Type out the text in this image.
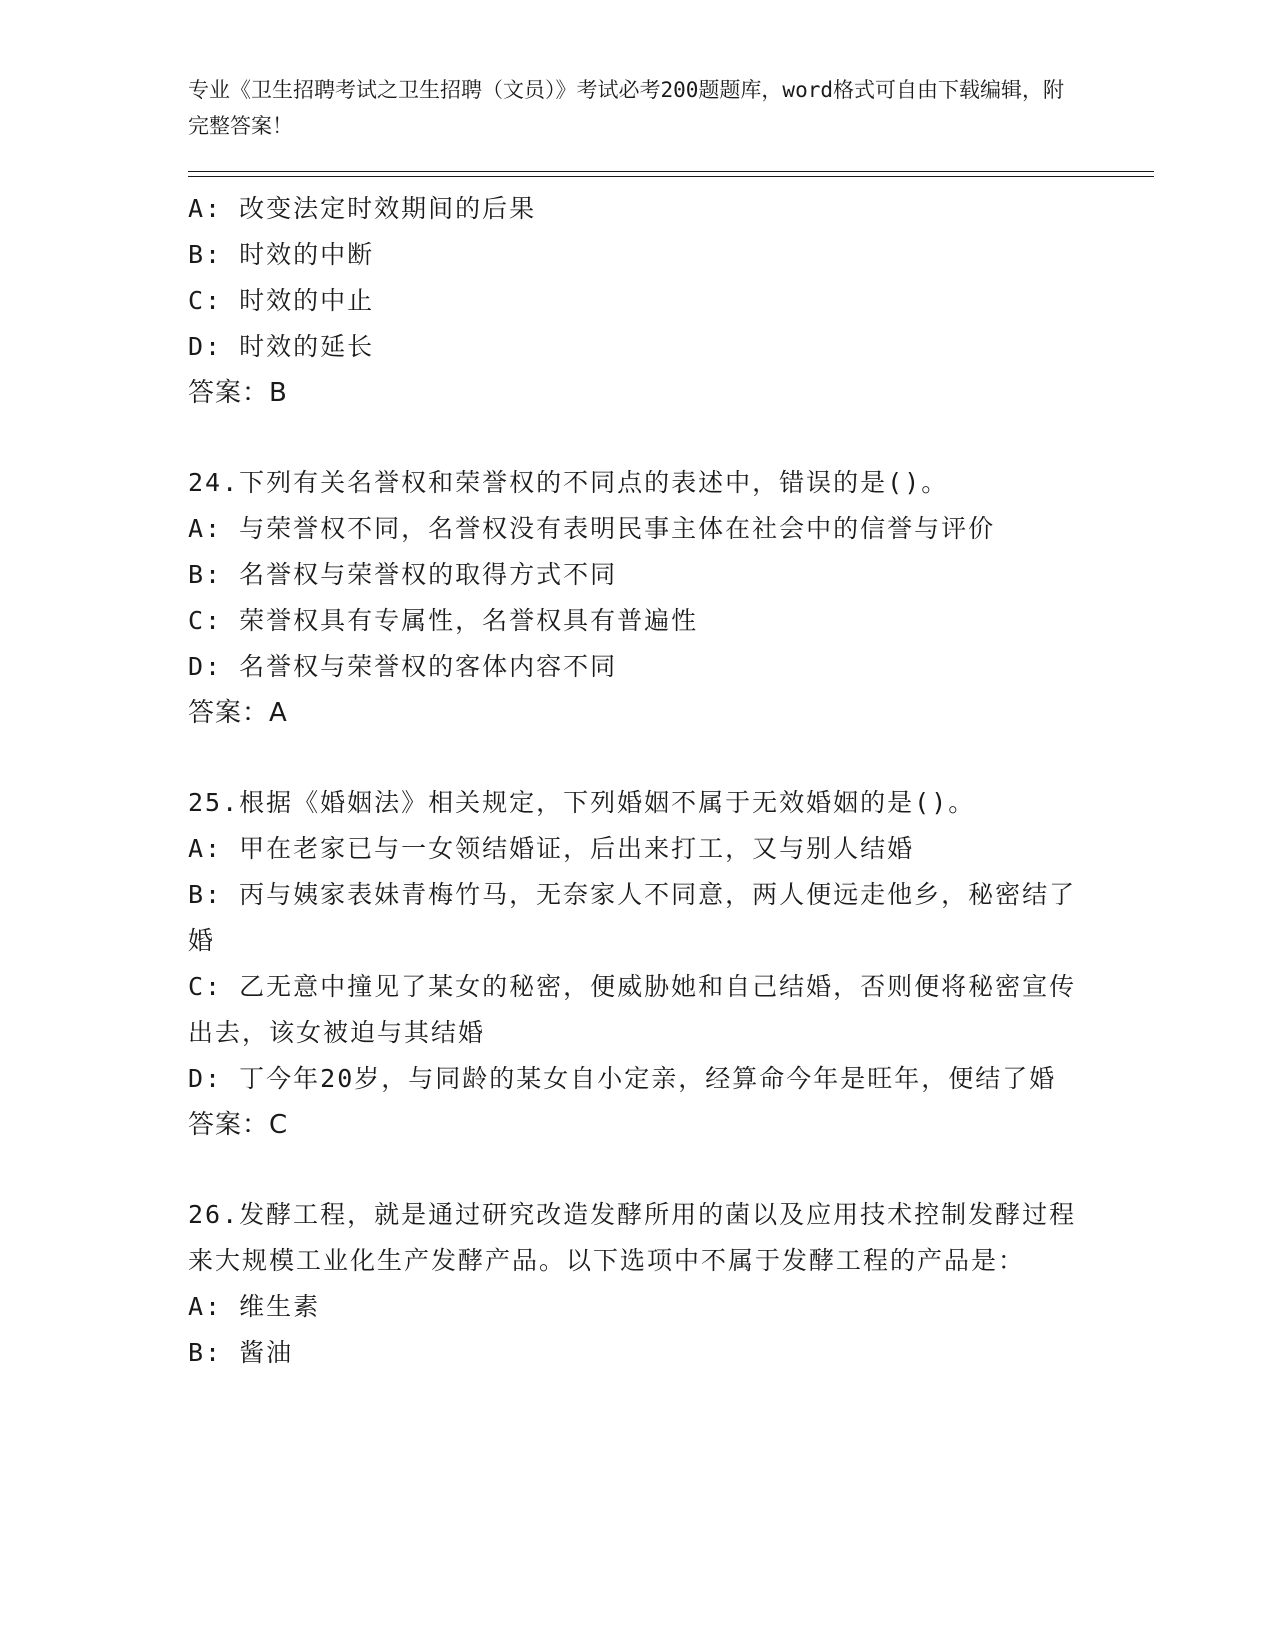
专业《卫生招聘考试之卫生招聘（文员）》考试必考200题题库，word格式可自由下载编辑，附完整答案！

A: 改变法定时效期间的后果

B: 时效的中断

C: 时效的中止

D: 时效的延长

答案：B

24.下列有关名誉权和荣誉权的不同点的表述中，错误的是()。

A: 与荣誉权不同，名誉权没有表明民事主体在社会中的信誉与评价

B: 名誉权与荣誉权的取得方式不同

C: 荣誉权具有专属性，名誉权具有普遍性

D: 名誉权与荣誉权的客体内容不同

答案：A

25.根据《婚姻法》相关规定，下列婚姻不属于无效婚姻的是()。

A: 甲在老家已与一女领结婚证，后出来打工，又与别人结婚

B: 丙与姨家表妹青梅竹马，无奈家人不同意，两人便远走他乡，秘密结了婚

C: 乙无意中撞见了某女的秘密，便威胁她和自己结婚，否则便将秘密宣传出去，该女被迫与其结婚

D: 丁今年20岁，与同龄的某女自小定亲，经算命今年是旺年，便结了婚

答案：C

26.发酵工程，就是通过研究改造发酵所用的菌以及应用技术控制发酵过程来大规模工业化生产发酵产品。以下选项中不属于发酵工程的产品是：

A: 维生素

B: 酱油
